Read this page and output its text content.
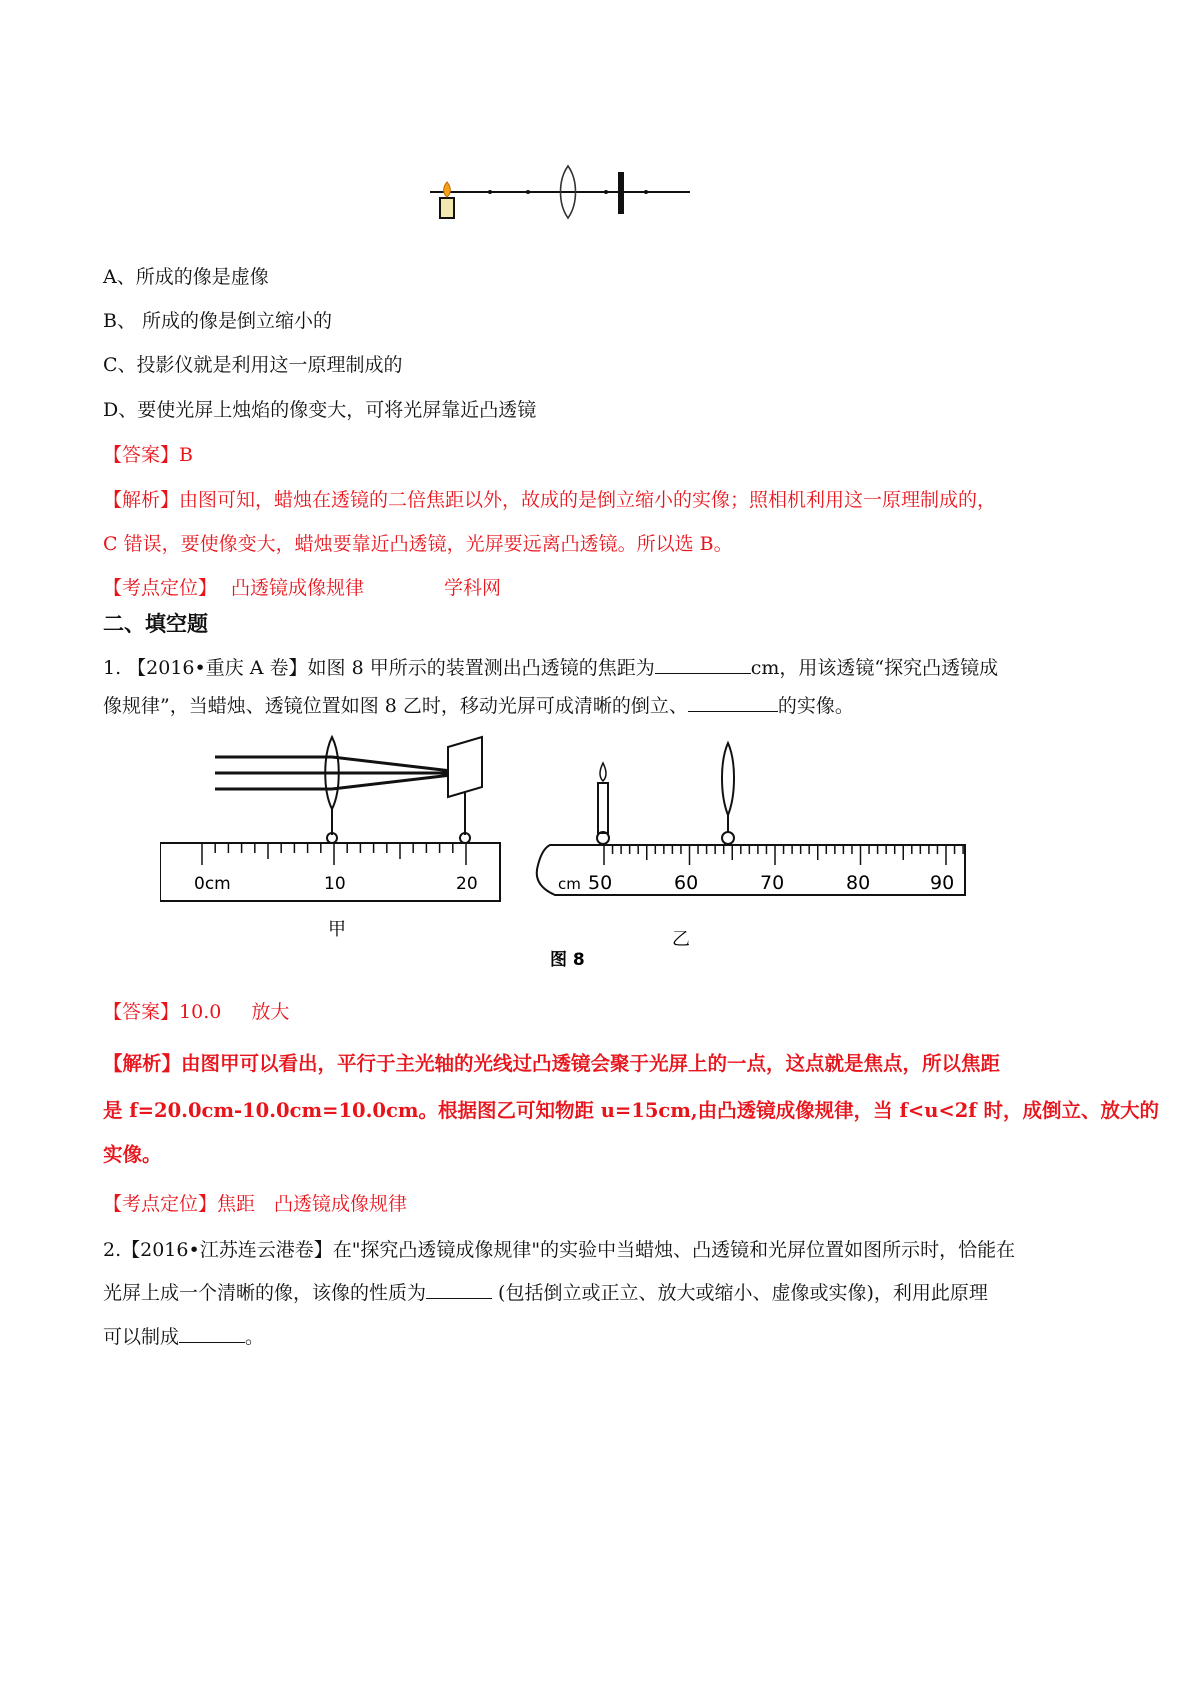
A、所成的像是虚像
B、 所成的像是倒立缩小的
C、投影仪就是利用这一原理制成的
D、要使光屏上烛焰的像变大，可将光屏靠近凸透镜
【答案】B
【解析】由图可知，蜡烛在透镜的二倍焦距以外，故成的是倒立缩小的实像；照相机利用这一原理制成的，
C 错误，要使像变大，蜡烛要靠近凸透镜，光屏要远离凸透镜。所以选 B。
【考点定位】 凸透镜成像规律	学科网
二、填空题
1. 【2016•重庆 A 卷】如图 8 甲所示的装置测出凸透镜的焦距为	cm，用该透镜“探究凸透镜成
像规律”，当蜡烛、透镜位置如图 8 乙时，移动光屏可成清晰的倒立、	的实像。
0cm	10	20
甲
cm 50	60	70	80	90
乙
图 8
【答案】10.0 放大
【解析】由图甲可以看出，平行于主光轴的光线过凸透镜会聚于光屏上的一点，这点就是焦点，所以焦距
是 f=20.0cm-10.0cm=10.0cm。根据图乙可知物距 u=15cm,由凸透镜成像规律，当 f<u<2f 时，成倒立、放大的
实像。
【考点定位】焦距　凸透镜成像规律
2.【2016•江苏连云港卷】在"探究凸透镜成像规律"的实验中当蜡烛、凸透镜和光屏位置如图所示时，恰能在
光屏上成一个清晰的像，该像的性质为	(包括倒立或正立、放大或缩小、虚像或实像)，利用此原理
可以制成	。
